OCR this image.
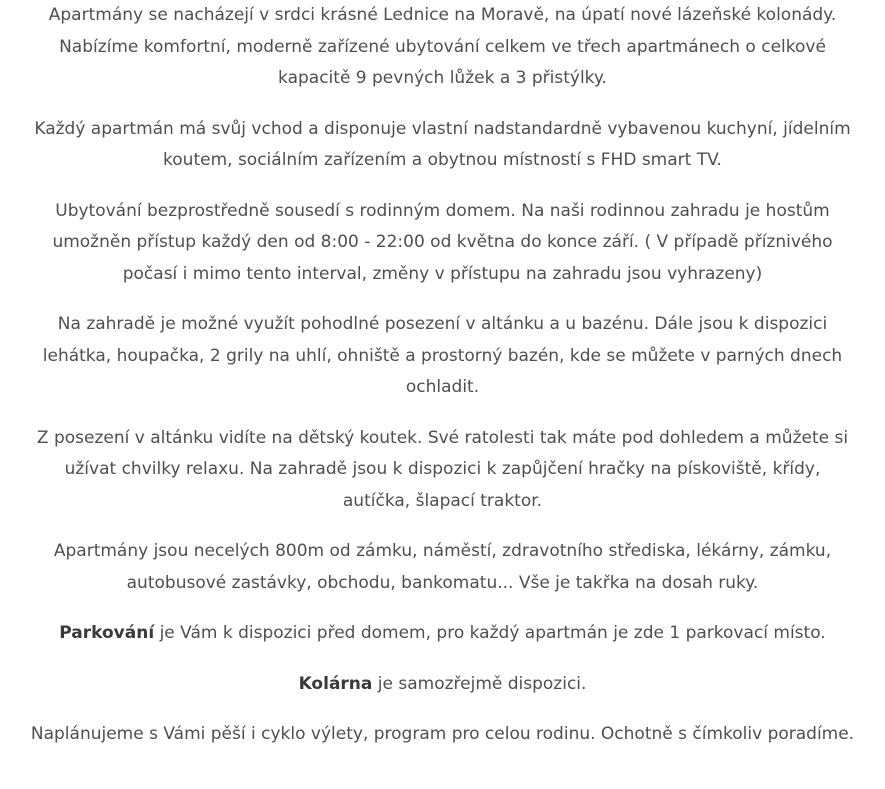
Apartmány se nacházejí v srdci krásné Lednice na Moravě, na úpatí nové lázeňské kolonády. Nabízíme komfortní, moderně zařízené ubytování celkem ve třech apartmánech o celkové kapacitě 9 pevných lůžek a 3 přistýlky.

Každý apartmán má svůj vchod a disponuje vlastní nadstandardně vybavenou kuchyní, jídelním koutem, sociálním zařízením a obytnou místností s FHD smart TV.

Ubytování bezprostředně sousedí s rodinným domem. Na naši rodinnou zahradu je hostům umožněn přístup každý den od 8:00 - 22:00 od května do konce září. ( V případě příznivého počasí i mimo tento interval, změny v přístupu na zahradu jsou vyhrazeny)

Na zahradě je možné využít pohodlné posezení v altánku a u bazénu. Dále jsou k dispozici lehátka, houpačka, 2 grily na uhlí, ohniště a prostorný bazén, kde se můžete v parných dnech ochladit.

Z posezení v altánku vidíte na dětský koutek. Své ratolesti tak máte pod dohledem a můžete si užívat chvilky relaxu. Na zahradě jsou k dispozici k zapůjčení hračky na pískoviště, křídy, autíčka, šlapací traktor.

Apartmány jsou necelých 800m od zámku, náměstí, zdravotního střediska, lékárny, zámku, autobusové zastávky, obchodu, bankomatu... Vše je takřka na dosah ruky.

Parkování je Vám k dispozici před domem, pro každý apartmán je zde 1 parkovací místo.

Kolárna je samozřejmě dispozici.

Naplánujeme s Vámi pěší i cyklo výlety, program pro celou rodinu. Ochotně s čímkoliv poradíme.
